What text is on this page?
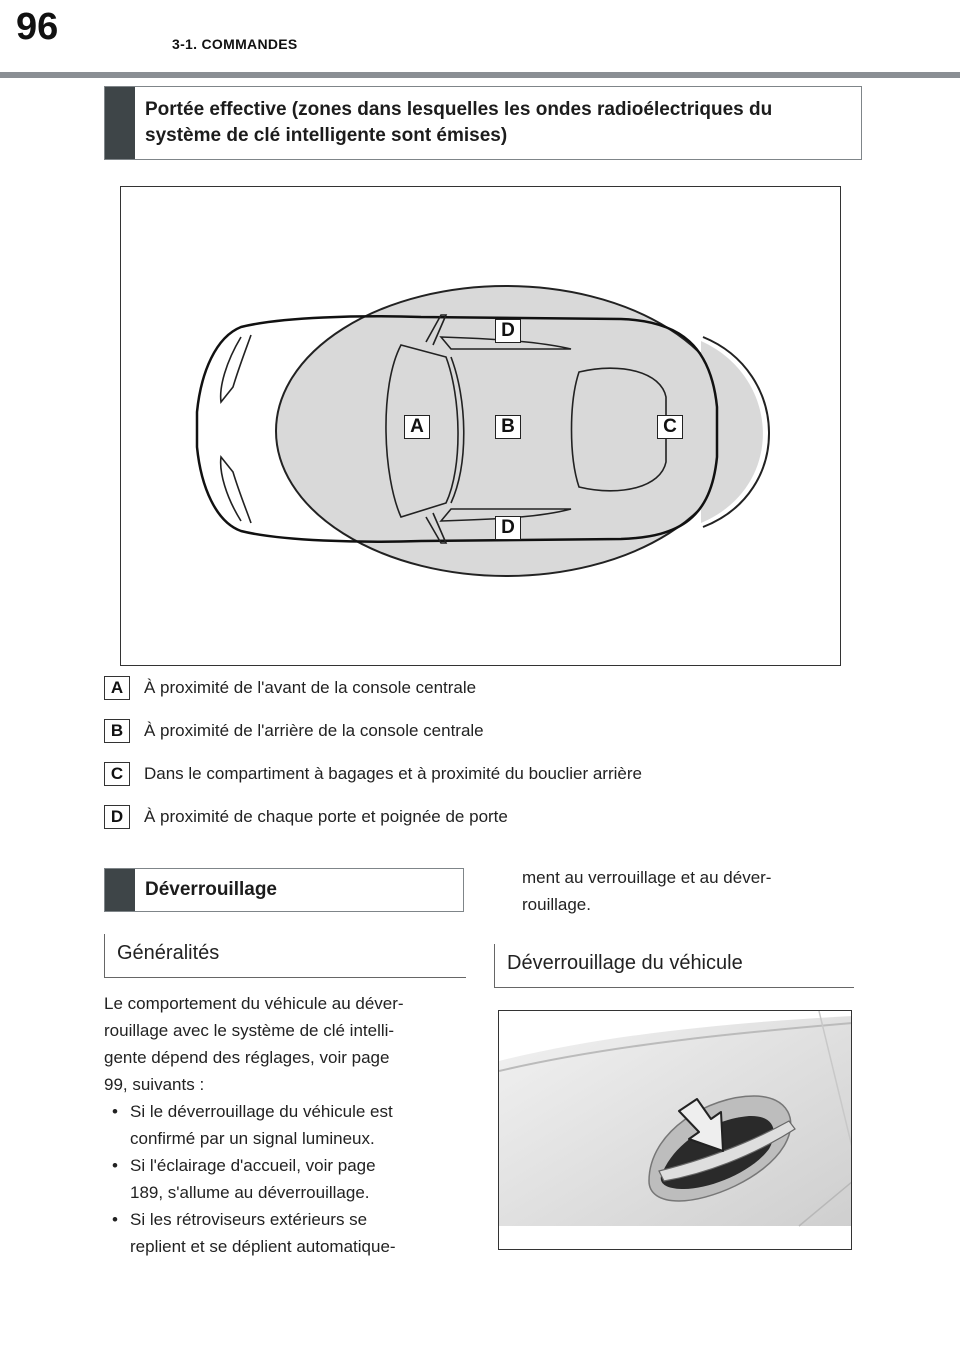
96	3-1. COMMANDES
Portée effective (zones dans lesquelles les ondes radioélectriques du système de clé intelligente sont émises)
D
A	B	C
D
A	À proximité de l'avant de la console centrale
B	À proximité de l'arrière de la console centrale
C	Dans le compartiment à bagages et à proximité du bouclier arrière
D	À proximité de chaque porte et poignée de porte
Déverrouillage
Généralités
Le comportement du véhicule au déver-
rouillage avec le système de clé intelli-
gente dépend des réglages, voir page
99, suivants :
• Si le déverrouillage du véhicule est
confirmé par un signal lumineux.
• Si l'éclairage d'accueil, voir page
189, s'allume au déverrouillage.
• Si les rétroviseurs extérieurs se
replient et se déplient automatique-
ment au verrouillage et au déver-
rouillage.
Déverrouillage du véhicule
